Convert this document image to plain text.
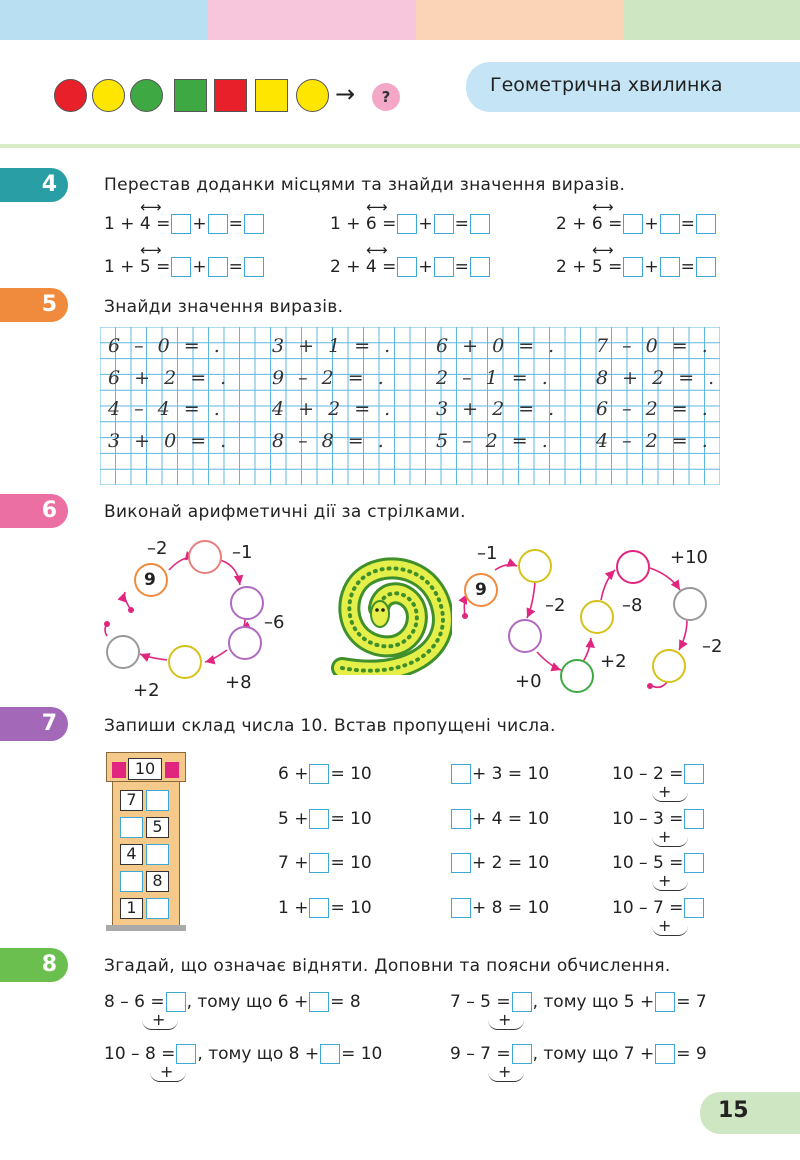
→	?
Геометрична хвилинка
4	Перестав доданки місцями та знайди значення виразів.
1 + 4 = + =
⟷
1 + 6 = + =
⟷
2 + 6 = + =
⟷
1 + 5 = + =
⟷
2 + 4 = + =
⟷
2 + 5 = + =
⟷
5	Знайди значення виразів.
6 – 0 = .	3 + 1 = . 6 + 0 = . 7 – 0 = .
6 + 2 = . 9 – 2 = .	2 – 1 = . 8 + 2 = .
4 – 4 = .	4 + 2 = . 3 + 2 = . 6 – 2 = .
3 + 0 = . 8 – 8 = .	5 – 2 = . 4 – 2 = .
6	Виконай арифметичні дії за стрілками.
9
–2	–1
–6
+8
+2
9
–1
–2
+0
+2
–8
+10
–2
7	Запиши склад числа 10. Встав пропущені числа.
10
7
5
4
8
1
6 + = 10
5 + = 10
7 + = 10
1 + = 10
+ 3 = 10
+ 4 = 10
+ 2 = 10
+ 8 = 10
10 – 2 =
+
10 – 3 =
+
10 – 5 =
+
10 – 7 =
+
8	Згадай, що означає відняти. Доповни та поясни обчислення.
8 – 6 = , тому що 6 + = 8
+
7 – 5 = , тому що 5 + = 7
+
10 – 8 = , тому що 8 + = 10
+
9 – 7 = , тому що 7 + = 9
+
15
